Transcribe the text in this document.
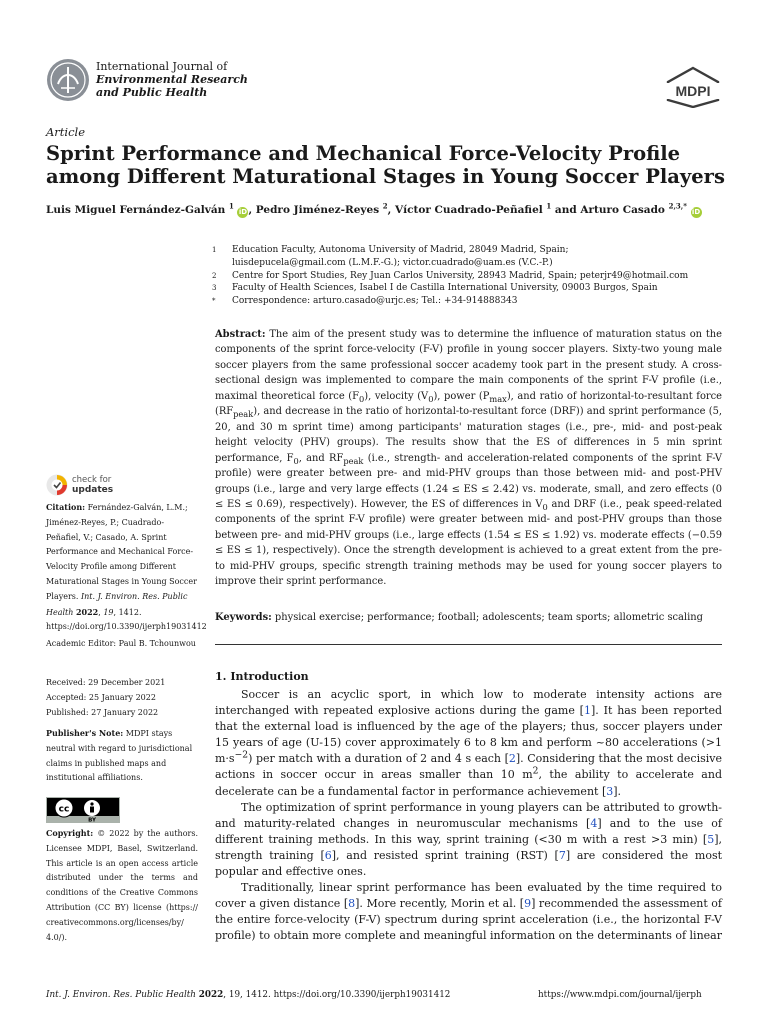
International Journal of
Environmental Research
and Public Health	MDPI
Article
Sprint Performance and Mechanical Force-Velocity Profile
among Different Maturational Stages in Young Soccer Players
Luis Miguel Fernández-Galván $^1$ iD, Pedro Jiménez-Reyes $^2$, Víctor Cuadrado-Peñafiel $^1$ and Arturo Casado $^{2,3,*}$ iD
1	Education Faculty, Autonoma University of Madrid, 28049 Madrid, Spain;
luisdepucela@gmail.com (L.M.F.-G.); victor.cuadrado@uam.es (V.C.-P.)
2	Centre for Sport Studies, Rey Juan Carlos University, 28943 Madrid, Spain; peterjr49@hotmail.com
3	Faculty of Health Sciences, Isabel I de Castilla International University, 09003 Burgos, Spain
*	Correspondence: arturo.casado@urjc.es; Tel.: +34-914888343

Abstract: The aim of the present study was to determine the influence of maturation status on the components of the sprint force-velocity (F-V) profile in young soccer players. Sixty-two young male soccer players from the same professional soccer academy took part in the present study. A cross-sectional design was implemented to compare the main components of the sprint F-V profile (i.e., maximal theoretical force $(F_0)$, velocity $(V_0)$, power $(P_{max})$, and ratio of horizontal-to-resultant force $(RF_{peak})$, and decrease in the ratio of horizontal-to-resultant force (DRF)) and sprint performance (5, 20, and 30 m sprint time) among participants' maturation stages (i.e., pre-, mid- and post-peak height velocity (PHV) groups). The results show that the ES of differences in 5 min sprint performance, $F_0$, and $RF_{peak}$ (i.e., strength- and acceleration-related components of the sprint F-V profile) were greater between pre- and mid-PHV groups than those between mid- and post-PHV groups (i.e., large and very large effects (1.24 ≤ ES ≤ 2.42) vs. moderate, small, and zero effects (0 ≤ ES ≤ 0.69), respectively). However, the ES of differences in $V_0$ and DRF (i.e., peak speed-related components of the sprint F-V profile) were greater between mid- and post-PHV groups than those between pre- and mid-PHV groups (i.e., large effects (1.54 ≤ ES ≤ 1.92) vs. moderate effects (−0.59 ≤ ES ≤ 1), respectively). Once the strength development is achieved to a great extent from the pre- to mid-PHV groups, specific strength training methods may be used for young soccer players to improve their sprint performance.

Keywords: physical exercise; performance; football; adolescents; team sports; allometric scaling

check for
updates
Citation: Fernández-Galván, L.M.; Jiménez-Reyes, P.; Cuadrado-Peñafiel, V.; Casado, A. Sprint Performance and Mechanical Force-Velocity Profile among Different Maturational Stages in Young Soccer Players. Int. J. Environ. Res. Public Health 2022, 19, 1412. https://doi.org/10.3390/ijerph19031412
Academic Editor: Paul B. Tchounwou
Received: 29 December 2021
Accepted: 25 January 2022
Published: 27 January 2022
Publisher's Note: MDPI stays neutral with regard to jurisdictional claims in published maps and institutional affiliations.
cc
BY
Copyright: © 2022 by the authors. Licensee MDPI, Basel, Switzerland. This article is an open access article distributed under the terms and conditions of the Creative Commons Attribution (CC BY) license (https:// creativecommons.org/licenses/by/ 4.0/).
1. Introduction

Soccer is an acyclic sport, in which low to moderate intensity actions are interchanged with repeated explosive actions during the game [1]. It has been reported that the external load is influenced by the age of the players; thus, soccer players under 15 years of age (U-15) cover approximately 6 to 8 km and perform ~80 accelerations (>1 $m\cdot s^{-2}$) per match with a duration of 2 and 4 s each [2]. Considering that the most decisive actions in soccer occur in areas smaller than 10 $m^2$, the ability to accelerate and decelerate can be a fundamental factor in performance achievement [3].

The optimization of sprint performance in young players can be attributed to growth- and maturity-related changes in neuromuscular mechanisms [4] and to the use of different training methods. In this way, sprint training (<30 m with a rest >3 min) [5], strength training [6], and resisted sprint training (RST) [7] are considered the most popular and effective ones.

Traditionally, linear sprint performance has been evaluated by the time required to cover a given distance [8]. More recently, Morin et al. [9] recommended the assessment of the entire force-velocity (F-V) spectrum during sprint acceleration (i.e., the horizontal F-V profile) to obtain more complete and meaningful information on the determinants of linear

Int. J. Environ. Res. Public Health 2022, 19, 1412. https://doi.org/10.3390/ijerph19031412	https://www.mdpi.com/journal/ijerph
